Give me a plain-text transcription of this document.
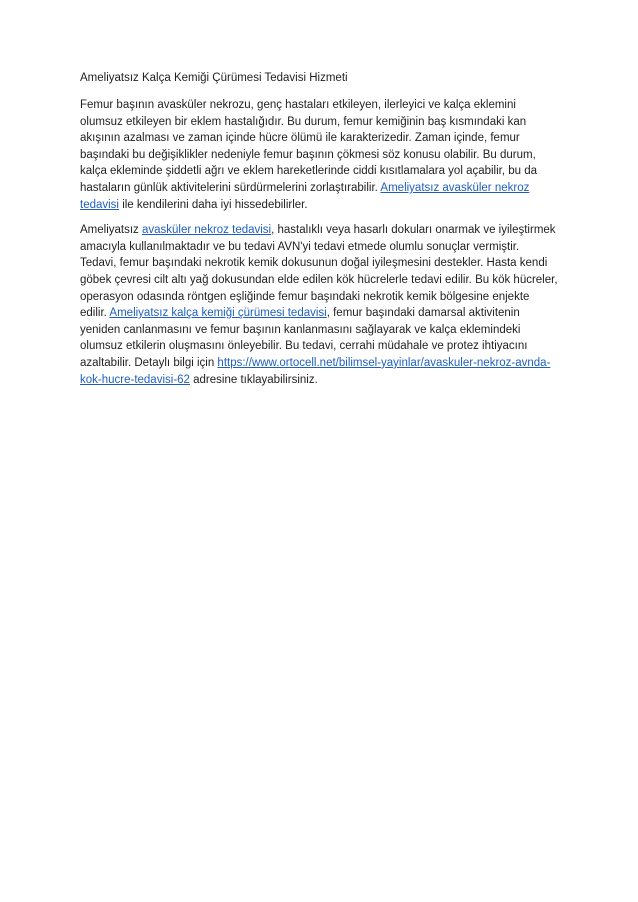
Ameliyatsız Kalça Kemiği Çürümesi Tedavisi Hizmeti

Femur başının avasküler nekrozu, genç hastaları etkileyen, ilerleyici ve kalça eklemini olumsuz etkileyen bir eklem hastalığıdır. Bu durum, femur kemiğinin baş kısmındaki kan akışının azalması ve zaman içinde hücre ölümü ile karakterizedir. Zaman içinde, femur başındaki bu değişiklikler nedeniyle femur başının çökmesi söz konusu olabilir. Bu durum, kalça ekleminde şiddetli ağrı ve eklem hareketlerinde ciddi kısıtlamalara yol açabilir, bu da hastaların günlük aktivitelerini sürdürmelerini zorlaştırabilir. Ameliyatsız avasküler nekroz tedavisi ile kendilerini daha iyi hissedebilirler.

Ameliyatsız avasküler nekroz tedavisi, hastalıklı veya hasarlı dokuları onarmak ve iyileştirmek amacıyla kullanılmaktadır ve bu tedavi AVN'yi tedavi etmede olumlu sonuçlar vermiştir. Tedavi, femur başındaki nekrotik kemik dokusunun doğal iyileşmesini destekler. Hasta kendi göbek çevresi cilt altı yağ dokusundan elde edilen kök hücrelerle tedavi edilir. Bu kök hücreler, operasyon odasında röntgen eşliğinde femur başındaki nekrotik kemik bölgesine enjekte edilir. Ameliyatsız kalça kemiği çürümesi tedavisi, femur başındaki damarsal aktivitenin yeniden canlanmasını ve femur başının kanlanmasını sağlayarak ve kalça eklemindeki olumsuz etkilerin oluşmasını önleyebilir. Bu tedavi, cerrahi müdahale ve protez ihtiyacını azaltabilir. Detaylı bilgi için https://www.ortocell.net/bilimsel-yayinlar/avaskuler-nekroz-avnda-kok-hucre-tedavisi-62 adresine tıklayabilirsiniz.
